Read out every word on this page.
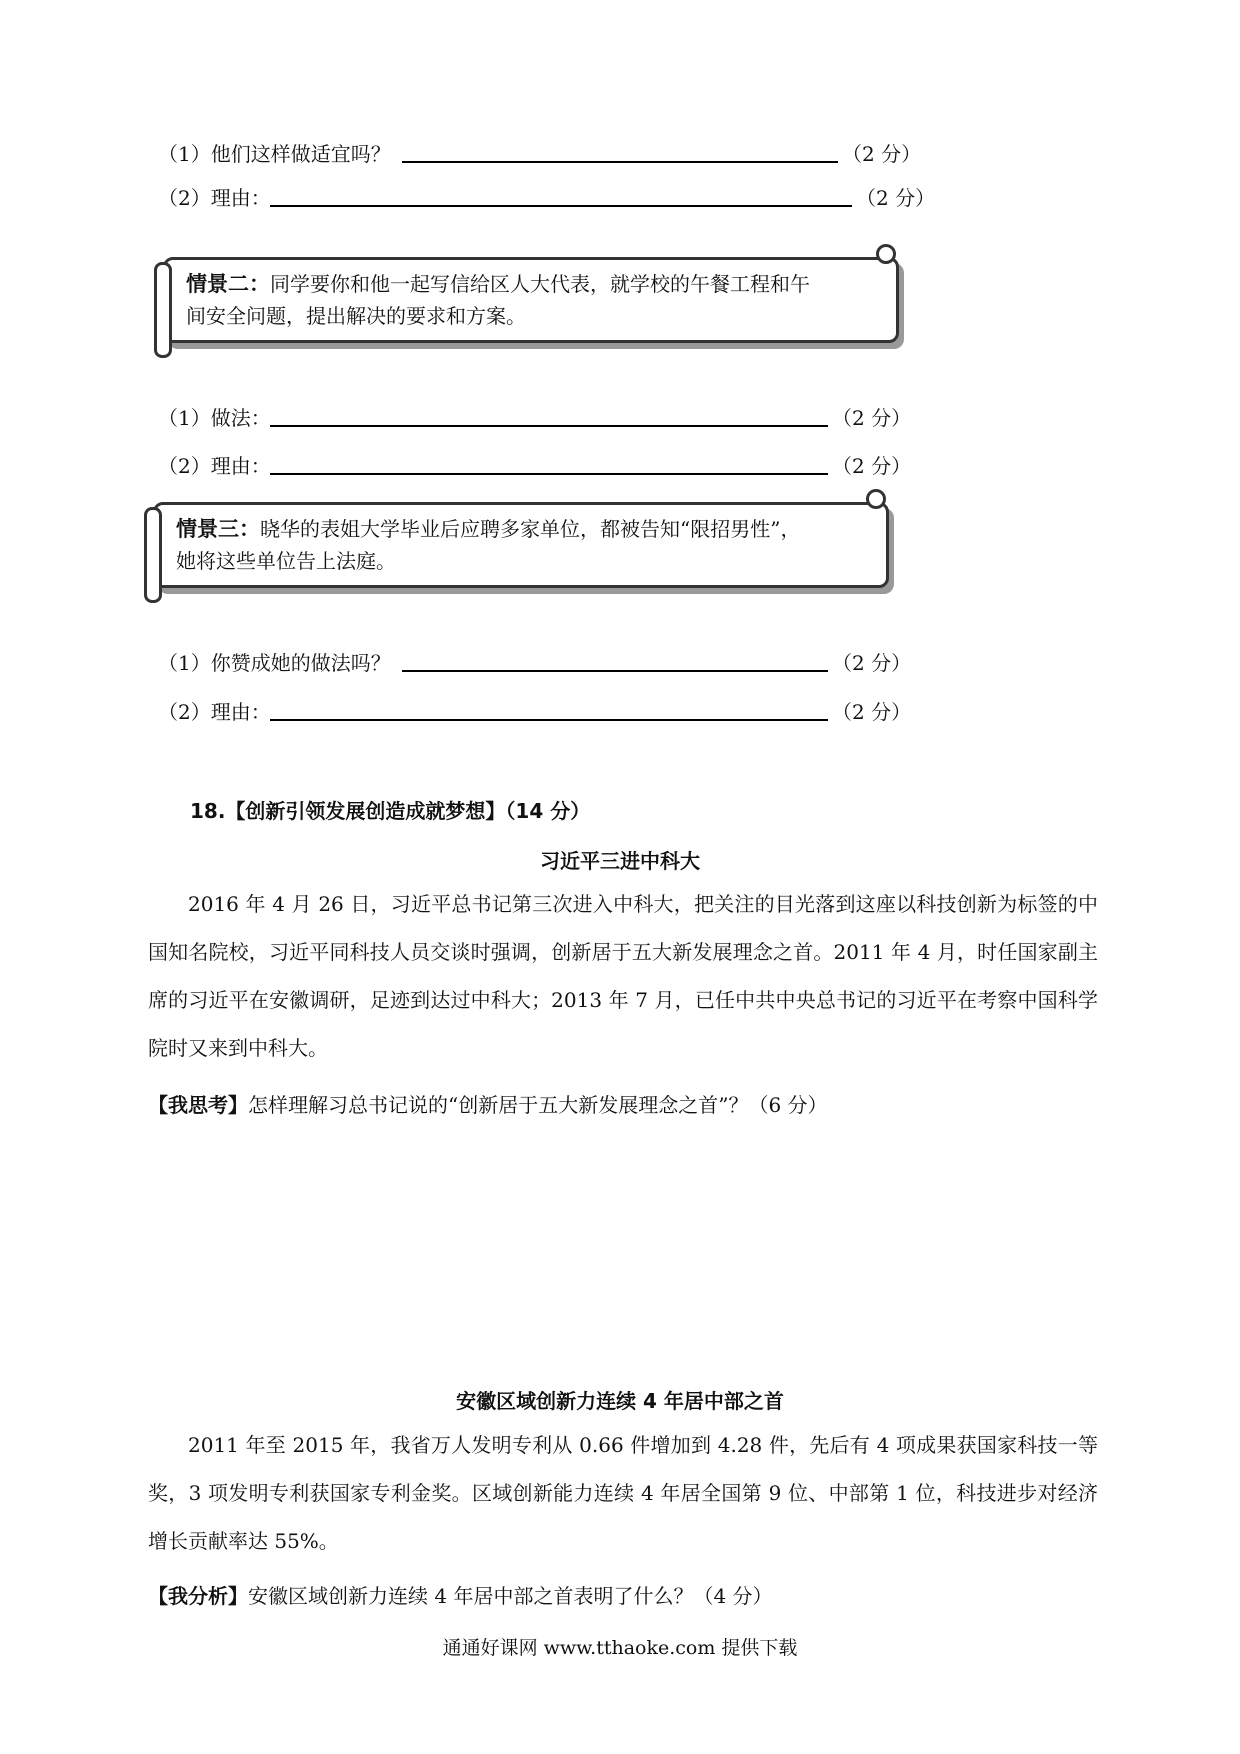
（1）他们这样做适宜吗？	（2 分）
（2）理由：	（2 分）
情景二：同学要你和他一起写信给区人大代表，就学校的午餐工程和午
间安全问题，提出解决的要求和方案。
（1）做法：	（2 分）
（2）理由：	（2 分）
情景三：晓华的表姐大学毕业后应聘多家单位，都被告知“限招男性”，
她将这些单位告上法庭。
（1）你赞成她的做法吗？	（2 分）
（2）理由：	（2 分）
18.【创新引领发展创造成就梦想】（14 分）
习近平三进中科大

2016 年 4 月 26 日，习近平总书记第三次进入中科大，把关注的目光落到这座以科技创新为标签的中国知名院校，习近平同科技人员交谈时强调，创新居于五大新发展理念之首。2011 年 4 月，时任国家副主席的习近平在安徽调研，足迹到达过中科大；2013 年 7 月，已任中共中央总书记的习近平在考察中国科学院时又来到中科大。

【我思考】怎样理解习总书记说的“创新居于五大新发展理念之首”？（6 分）
安徽区域创新力连续 4 年居中部之首

2011 年至 2015 年，我省万人发明专利从 0.66 件增加到 4.28 件，先后有 4 项成果获国家科技一等奖，3 项发明专利获国家专利金奖。区域创新能力连续 4 年居全国第 9 位、中部第 1 位，科技进步对经济增长贡献率达 55%。

【我分析】安徽区域创新力连续 4 年居中部之首表明了什么？（4 分）
通通好课网 www.tthaoke.com 提供下载
